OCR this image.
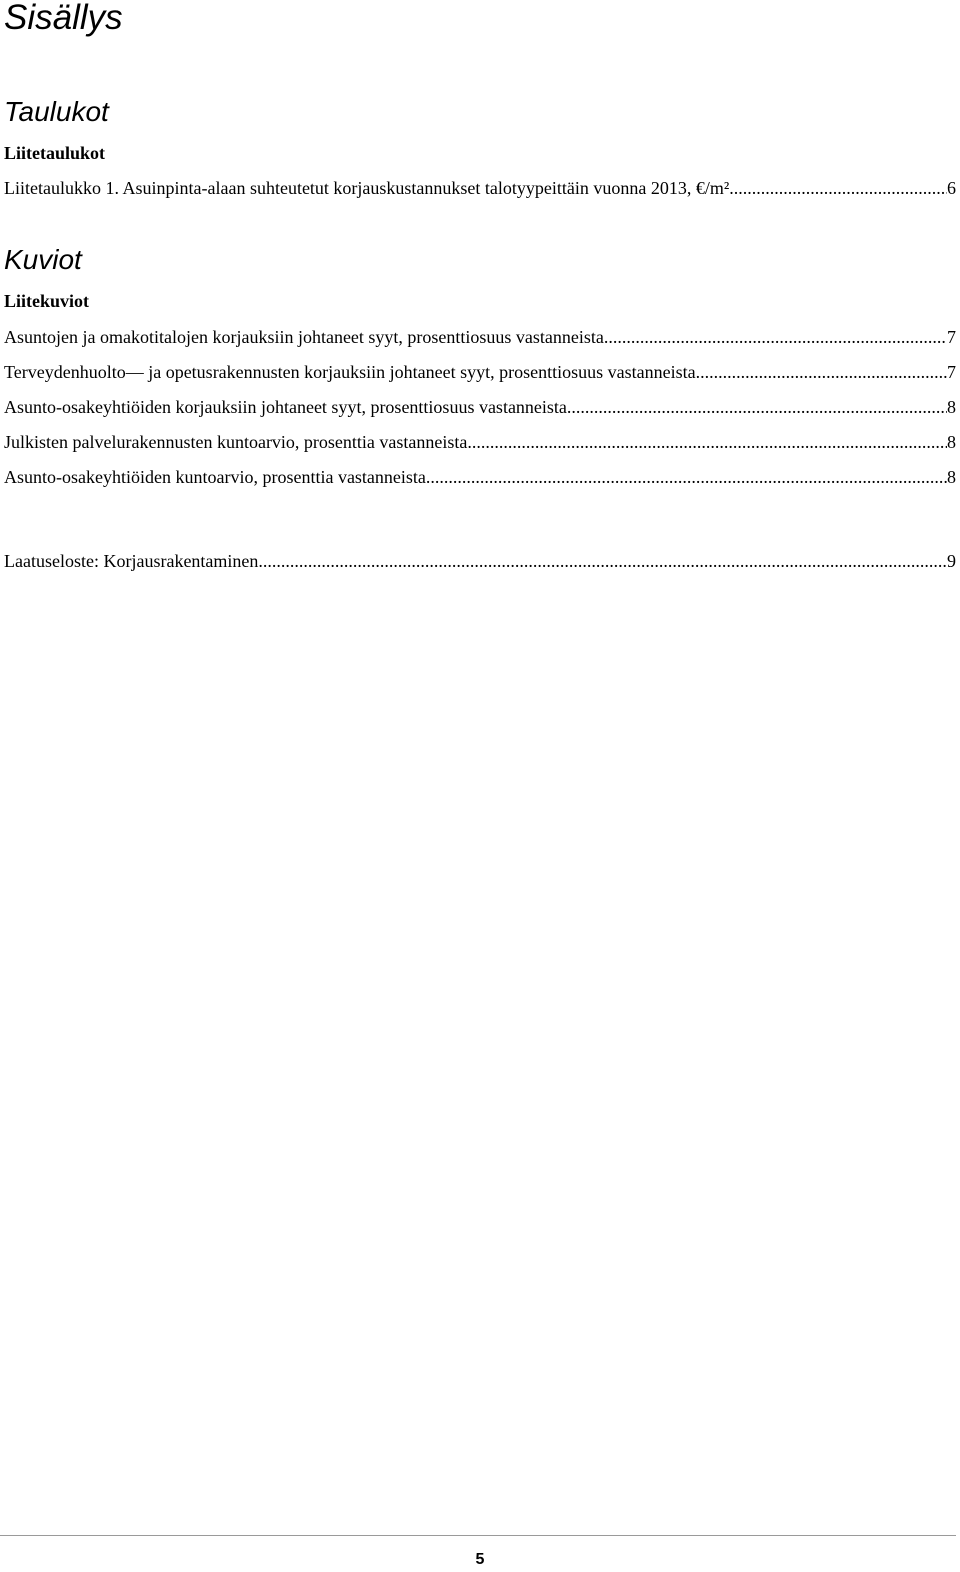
Sisällys
Taulukot
Liitetaulukot
Liitetaulukko 1. Asuinpinta-alaan suhteutetut korjauskustannukset talotyypeittäin vuonna 2013, €/m² .....	6
Kuviot
Liitekuviot
Asuntojen ja omakotitalojen korjauksiin johtaneet syyt, prosenttiosuus vastanneista .....	7
Terveydenhuolto— ja opetusrakennusten korjauksiin johtaneet syyt, prosenttiosuus vastanneista .....	7
Asunto-osakeyhtiöiden korjauksiin johtaneet syyt, prosenttiosuus vastanneista .....	8
Julkisten palvelurakennusten kuntoarvio, prosenttia vastanneista .....	8
Asunto-osakeyhtiöiden kuntoarvio, prosenttia vastanneista .....	8
Laatuseloste: Korjausrakentaminen .....	9
5
